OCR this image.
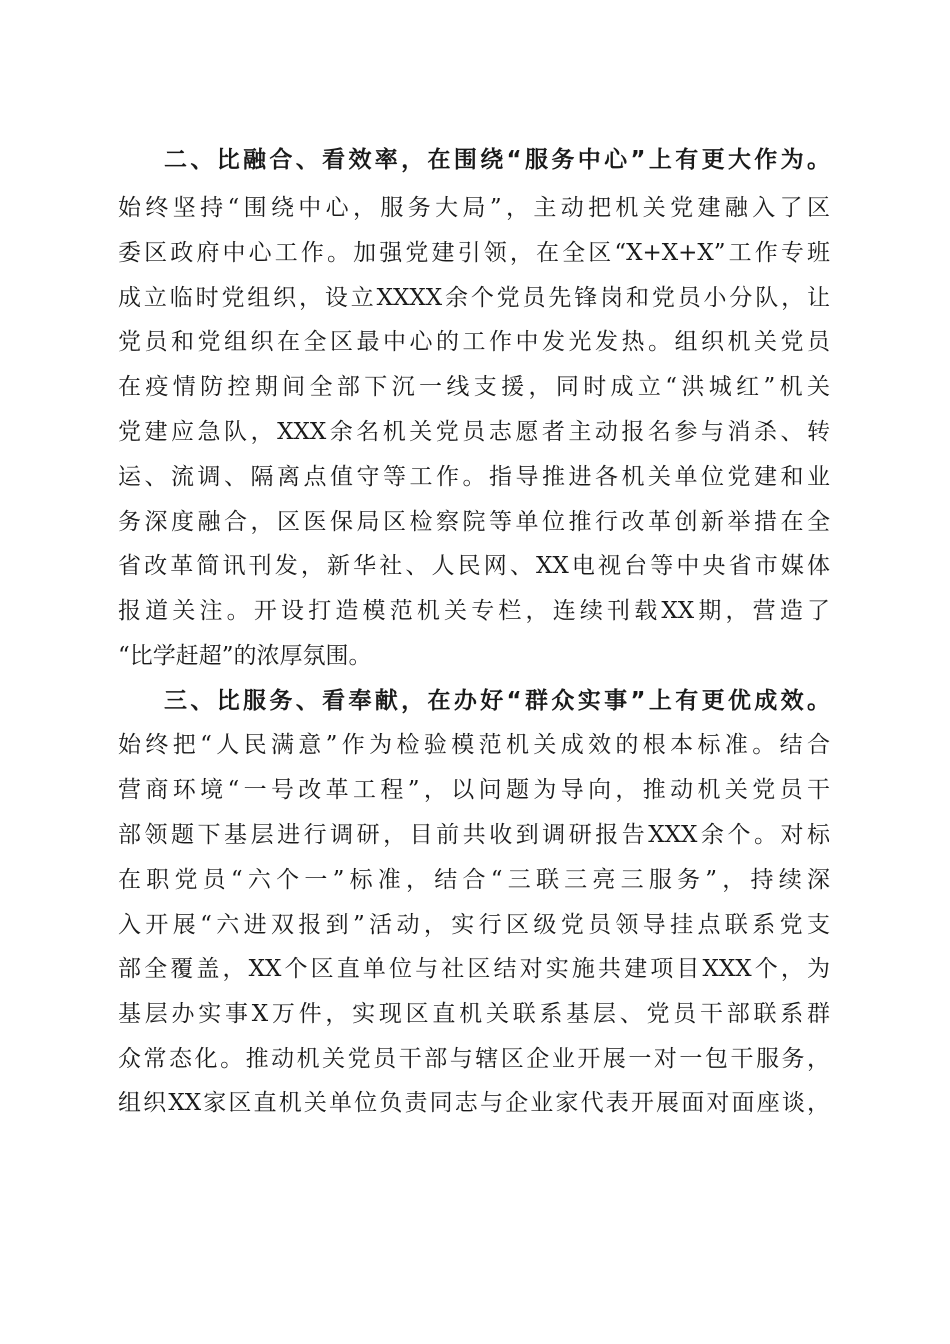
二、比融合、看效率，在围绕“服务中心”上有更大作为。
始终坚持“围绕中心，服务大局”，主动把机关党建融入了区
委区政府中心工作。加强党建引领，在全区“X+X+X”工作专班
成立临时党组织，设立XXXX余个党员先锋岗和党员小分队，让
党员和党组织在全区最中心的工作中发光发热。组织机关党员
在疫情防控期间全部下沉一线支援，同时成立“洪城红”机关
党建应急队，XXX余名机关党员志愿者主动报名参与消杀、转
运、流调、隔离点值守等工作。指导推进各机关单位党建和业
务深度融合，区医保局区检察院等单位推行改革创新举措在全
省改革简讯刊发，新华社、人民网、XX电视台等中央省市媒体
报道关注。开设打造模范机关专栏，连续刊载XX期，营造了
“比学赶超”的浓厚氛围。
三、比服务、看奉献，在办好“群众实事”上有更优成效。
始终把“人民满意”作为检验模范机关成效的根本标准。结合
营商环境“一号改革工程”，以问题为导向，推动机关党员干
部领题下基层进行调研，目前共收到调研报告XXX余个。对标
在职党员“六个一”标准，结合“三联三亮三服务”，持续深
入开展“六进双报到”活动，实行区级党员领导挂点联系党支
部全覆盖，XX个区直单位与社区结对实施共建项目XXX个，为
基层办实事X万件，实现区直机关联系基层、党员干部联系群
众常态化。推动机关党员干部与辖区企业开展一对一包干服务，
组织XX家区直机关单位负责同志与企业家代表开展面对面座谈，
